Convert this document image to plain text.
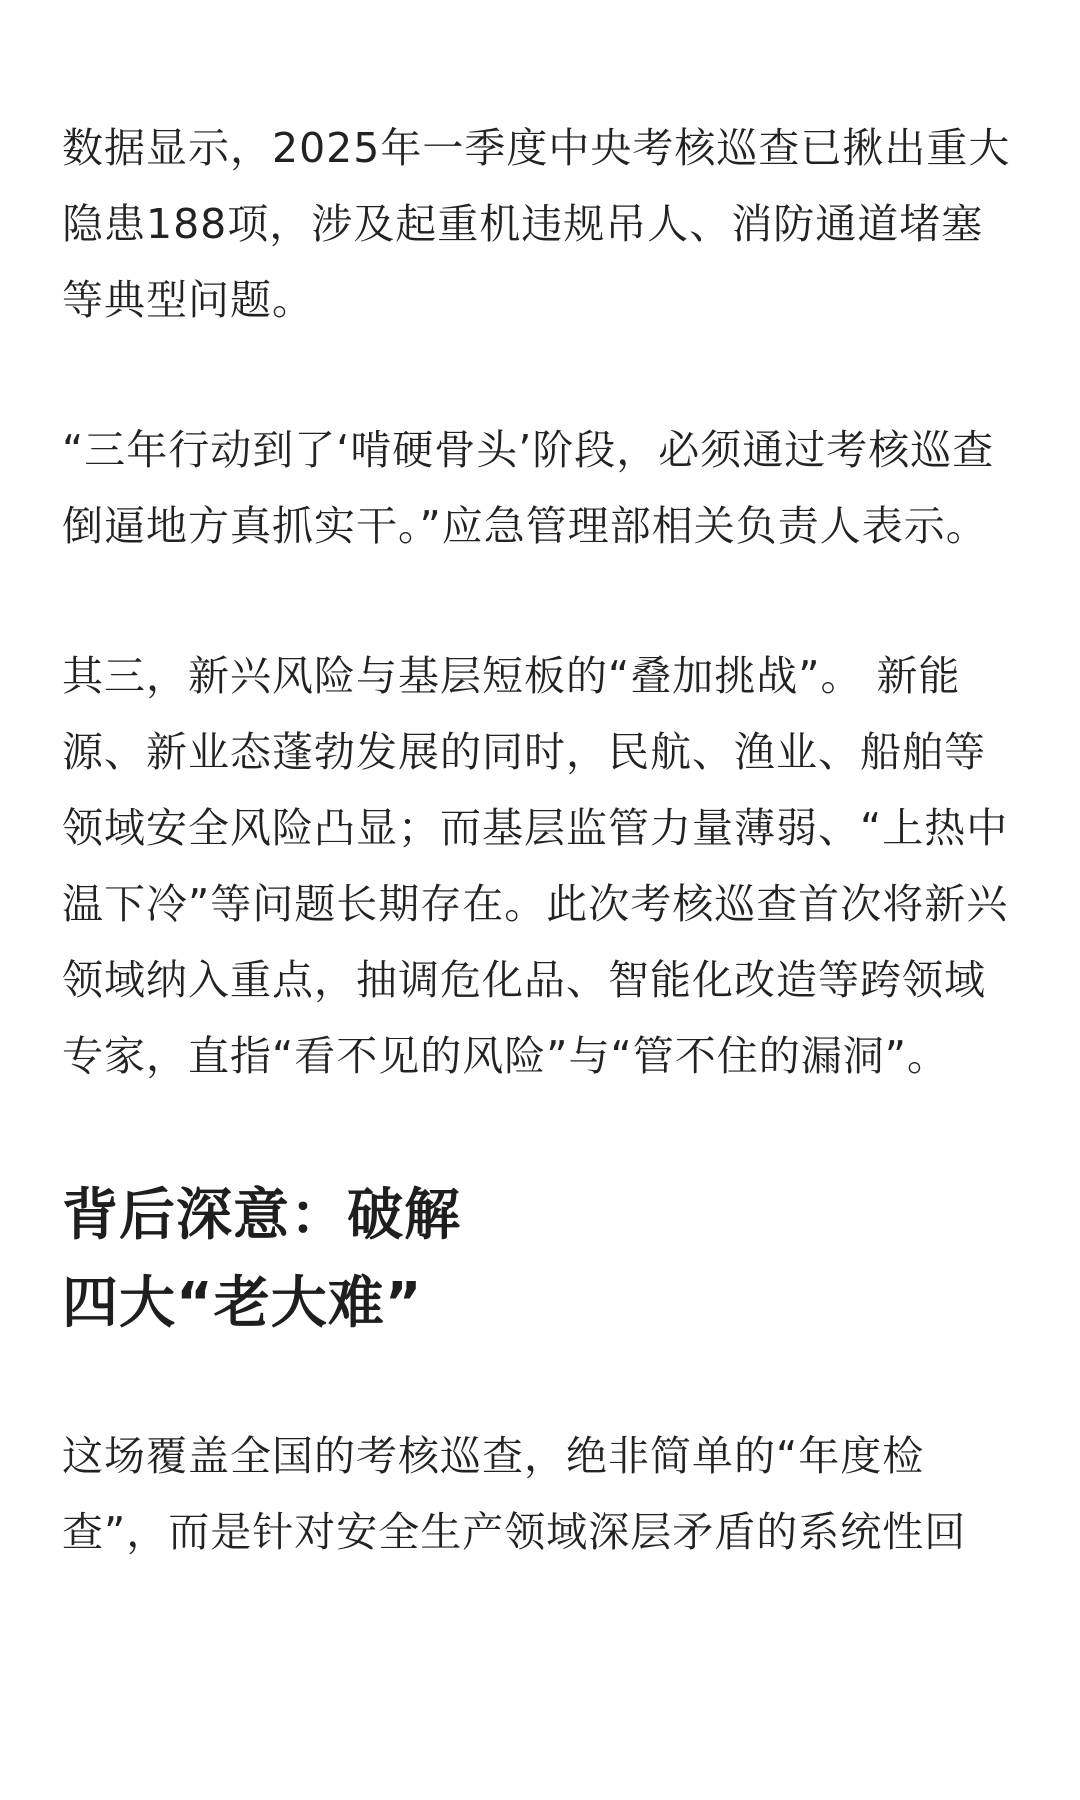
数据显示，2025年一季度中央考核巡查已揪出重大隐患188项，涉及起重机违规吊人、消防通道堵塞等典型问题。

“三年行动到了‘啃硬骨头’阶段，必须通过考核巡查倒逼地方真抓实干。”应急管理部相关负责人表示。

其三，新兴风险与基层短板的“叠加挑战”。 新能源、新业态蓬勃发展的同时，民航、渔业、船舶等领域安全风险凸显；而基层监管力量薄弱、“上热中温下冷”等问题长期存在。此次考核巡查首次将新兴领域纳入重点，抽调危化品、智能化改造等跨领域专家，直指“看不见的风险”与“管不住的漏洞”。

背后深意：破解
四大“老大难”

这场覆盖全国的考核巡查，绝非简单的“年度检查”，而是针对安全生产领域深层矛盾的系统性回
